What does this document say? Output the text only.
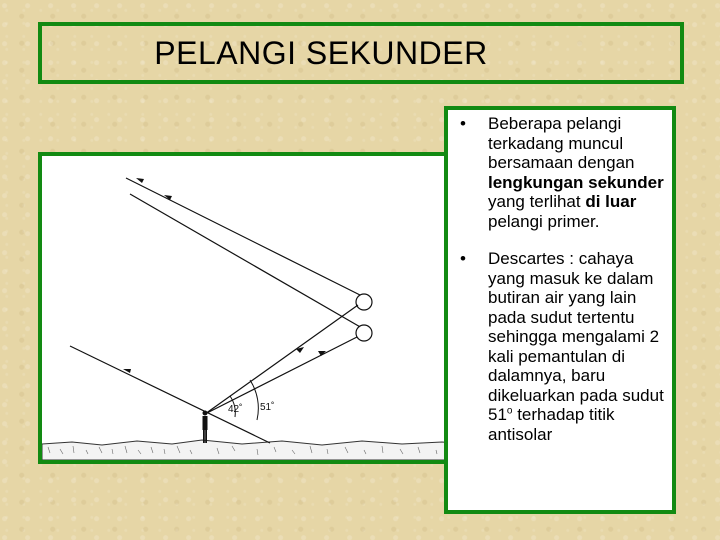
PELANGI SEKUNDER
42˚ 51˚
• Beberapa pelangi terkadang muncul bersamaan dengan lengkungan sekunder yang terlihat di luar pelangi primer.
• Descartes : cahaya yang masuk ke dalam butiran air yang lain pada sudut tertentu sehingga mengalami 2 kali pemantulan di dalamnya, baru dikeluarkan pada sudut 51$^o$ terhadap titik antisolar
